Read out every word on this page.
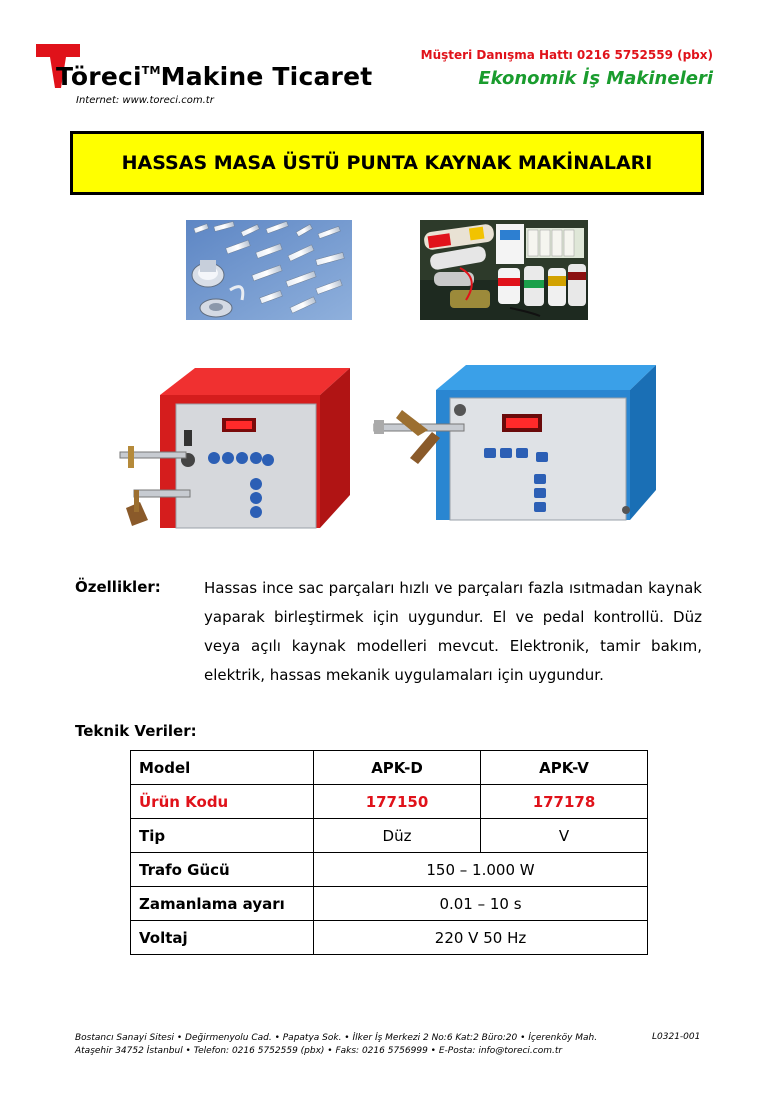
Töreci™Makine Ticaret
Internet: www.toreci.com.tr
Müşteri Danışma Hattı 0216 5752559 (pbx)
Ekonomik İş Makineleri
HASSAS MASA ÜSTÜ PUNTA KAYNAK MAKİNALARI
Özellikler:	Hassas ince sac parçaları hızlı ve parçaları fazla ısıtmadan kaynak yaparak birleştirmek için uygundur. El ve pedal kontrollü. Düz veya açılı kaynak modelleri mevcut. Elektronik, tamir bakım, elektrik, hassas mekanik uygulamaları için uygundur.
Teknik Veriler:
Model	APK-D	APK-V
Ürün Kodu	177150	177178
Tip	Düz	V
Trafo Gücü	150 – 1.000 W	
Zamanlama ayarı	0.01 – 10 s	
Voltaj	220 V 50 Hz	
Bostancı Sanayi Sitesi • Değirmenyolu Cad. • Papatya Sok. • İlker İş Merkezi 2 No:6 Kat:2 Büro:20 • İçerenköy Mah.
Ataşehir 34752 İstanbul • Telefon: 0216 5752559 (pbx) • Faks: 0216 5756999 • E-Posta: info@toreci.com.tr
L0321-001
